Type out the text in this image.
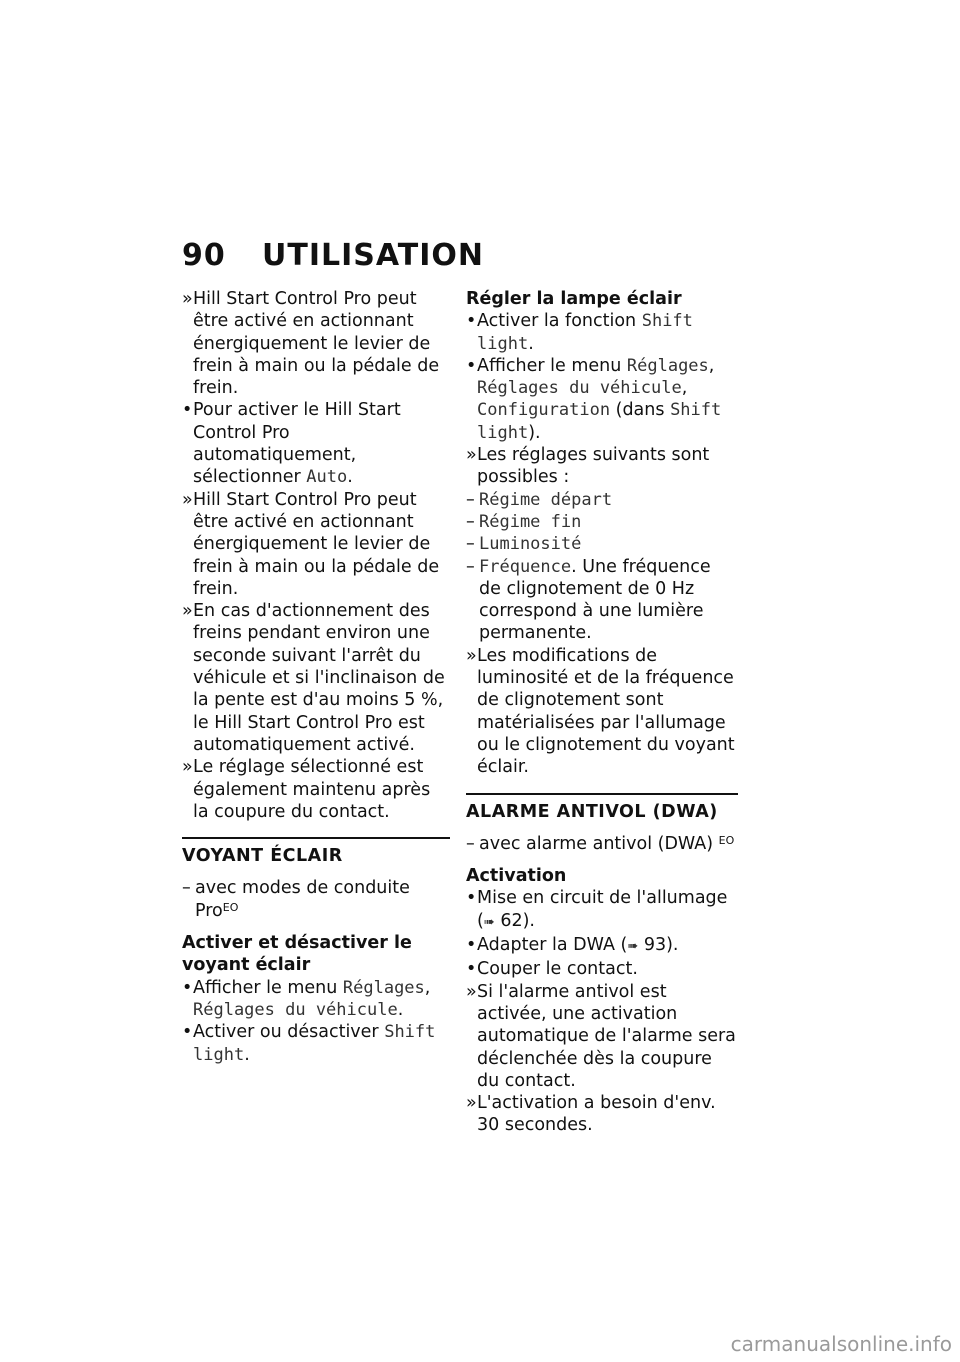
90 UTILISATION

» Hill Start Control Pro peut être activé en actionnant énergiquement le levier de frein à main ou la pédale de frein.

• Pour activer le Hill Start Control Pro automatiquement, sélectionner Auto.

» Hill Start Control Pro peut être activé en actionnant énergiquement le levier de frein à main ou la pédale de frein.

» En cas d'actionnement des freins pendant environ une seconde suivant l'arrêt du véhicule et si l'inclinaison de la pente est d'au moins 5 %, le Hill Start Control Pro est automatiquement activé.

» Le réglage sélectionné est également maintenu après la coupure du contact.

VOYANT ÉCLAIR

– avec modes de conduite Pro$^{EO}$

Activer et désactiver le voyant éclair

• Afficher le menu Réglages, Réglages du véhicule.

• Activer ou désactiver Shift light.

Régler la lampe éclair

• Activer la fonction Shift light.

• Afficher le menu Réglages, Réglages du véhicule, Configuration (dans Shift light).

» Les réglages suivants sont possibles :

– Régime départ

– Régime fin

– Luminosité

– Fréquence. Une fréquence de clignotement de 0 Hz correspond à une lumière permanente.

» Les modifications de luminosité et de la fréquence de clignotement sont matérialisées par l'allumage ou le clignotement du voyant éclair.

ALARME ANTIVOL (DWA)

– avec alarme antivol (DWA) $^{EO}$

Activation

• Mise en circuit de l'allumage (➠ 62).

• Adapter la DWA (➠ 93).

• Couper le contact.

» Si l'alarme antivol est activée, une activation automatique de l'alarme sera déclenchée dès la coupure du contact.

» L'activation a besoin d'env. 30 secondes.

carmanualsonline.info
